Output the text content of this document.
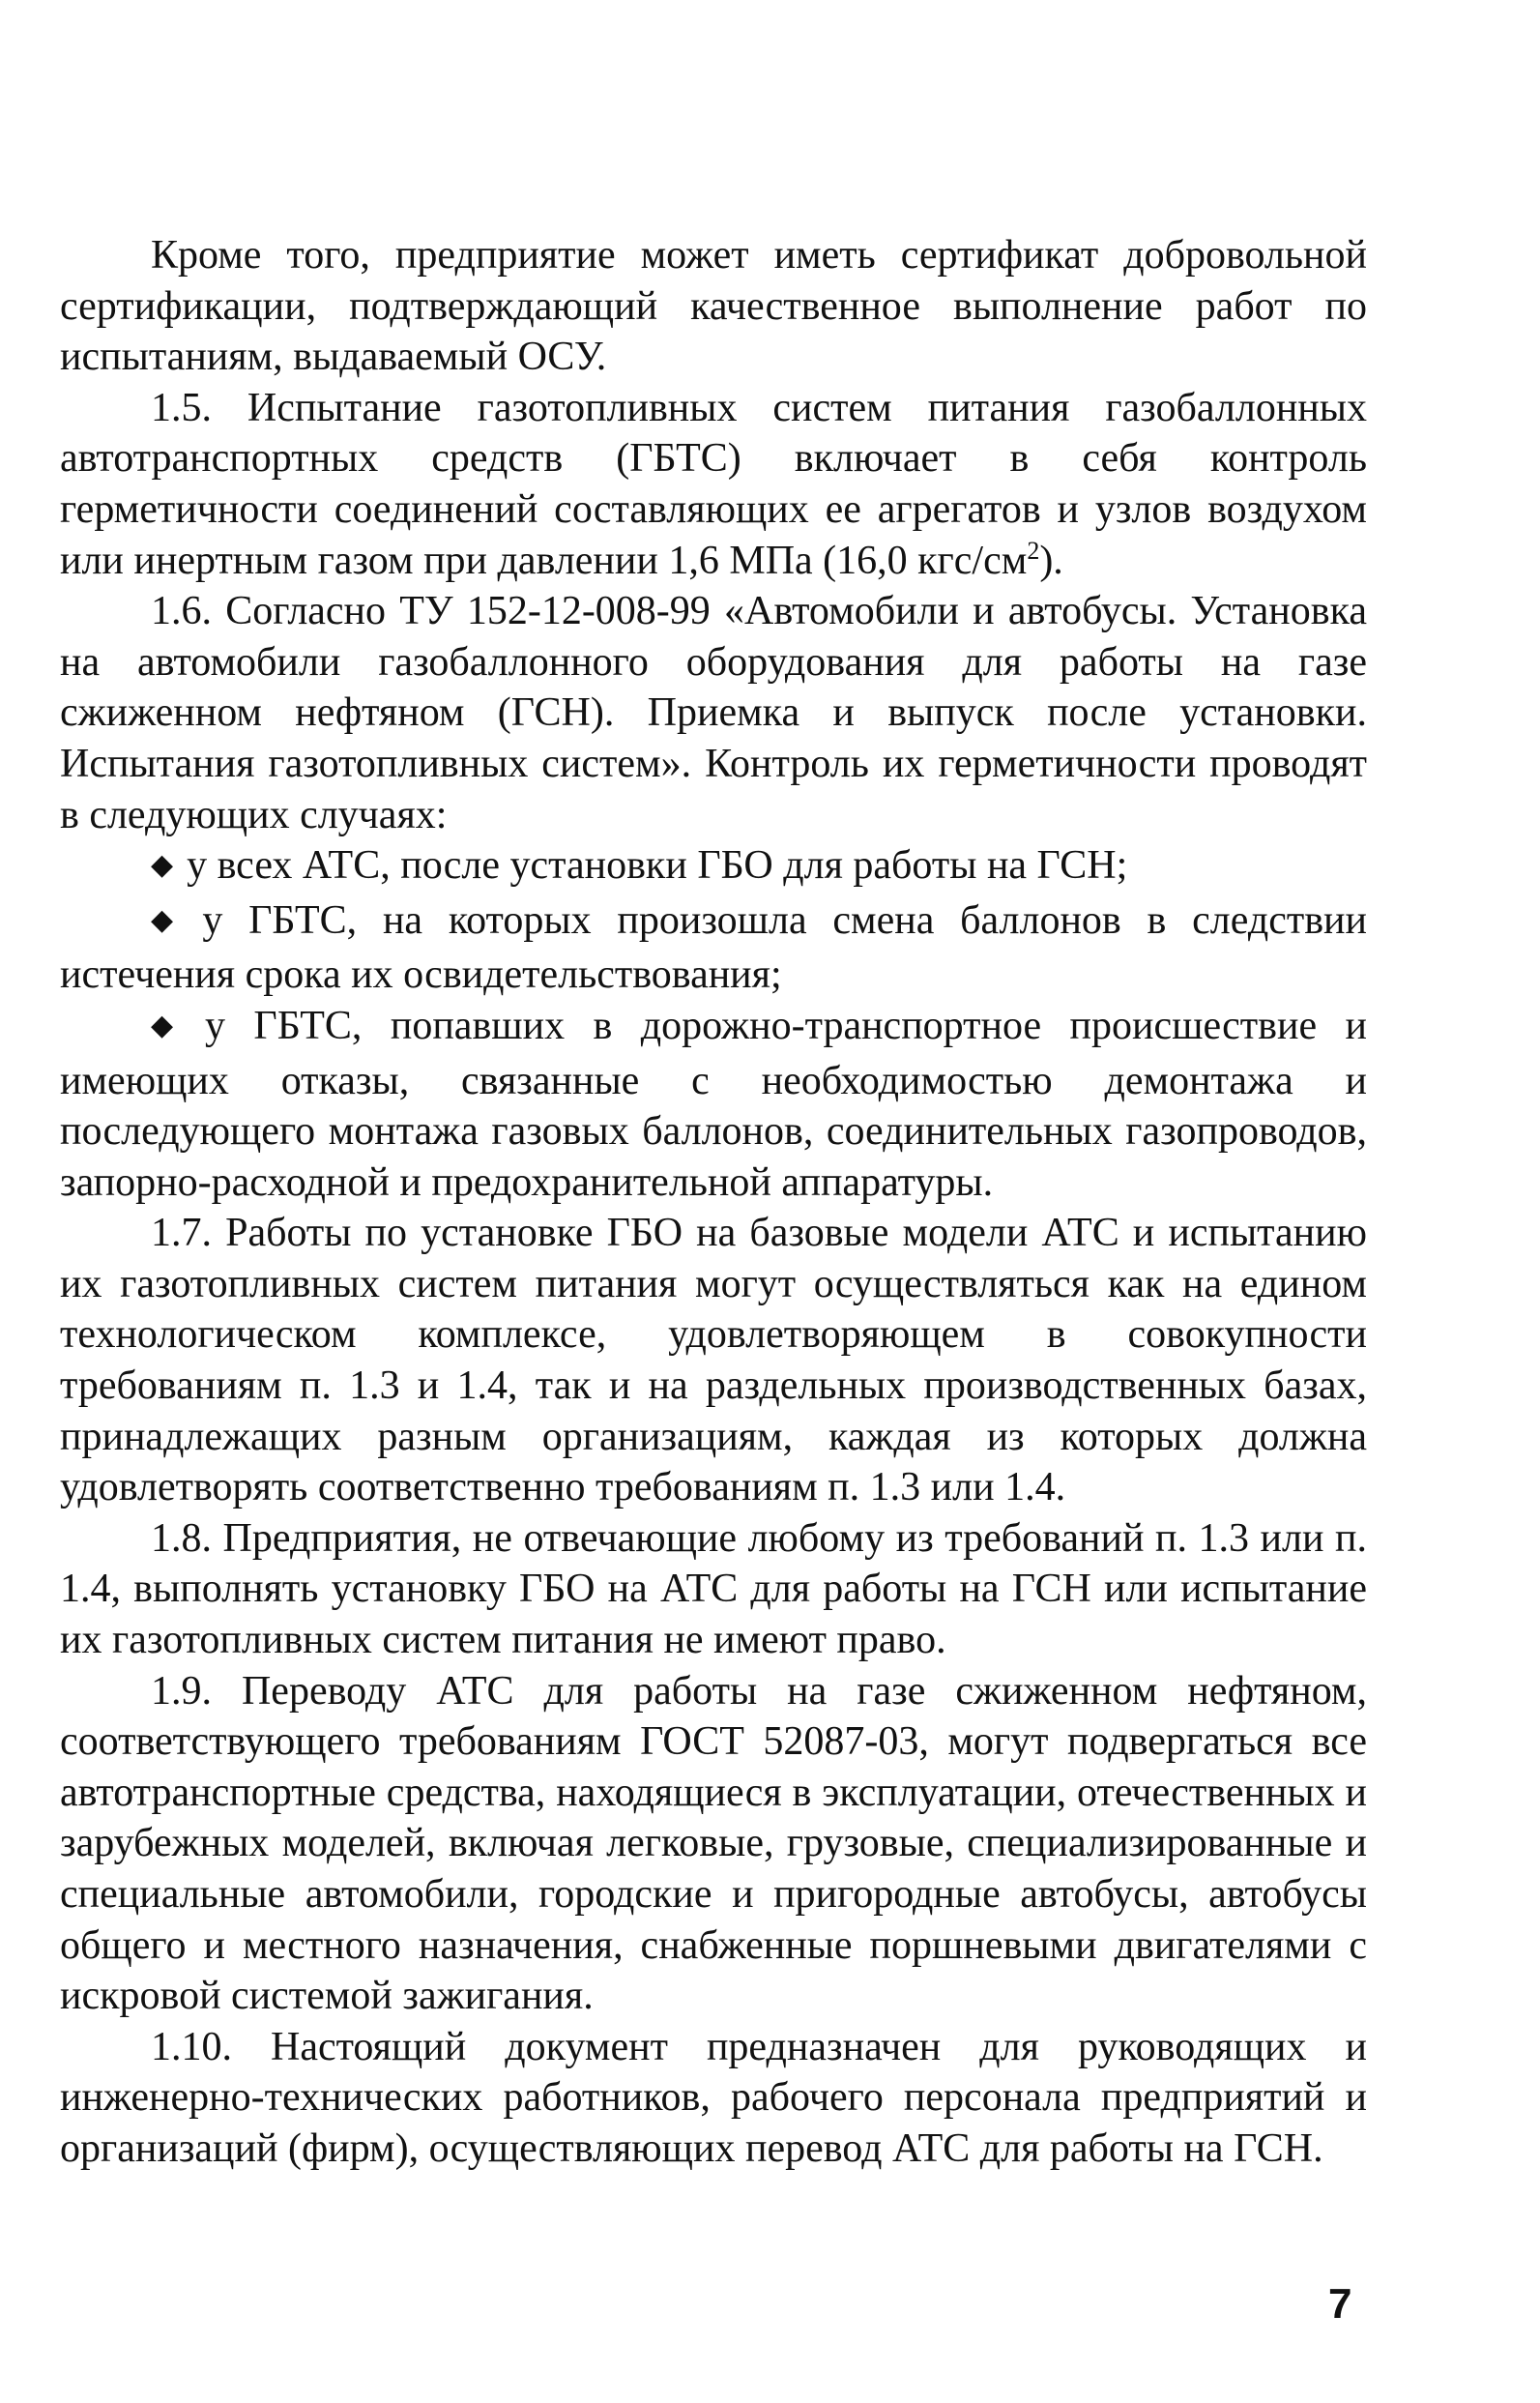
Кроме того, предприятие может иметь сертификат добровольной сертификации, подтверждающий качественное выполнение работ по испытаниям, выдаваемый ОСУ.

1.5. Испытание газотопливных систем питания газобаллонных автотранспортных средств (ГБТС) включает в себя контроль герметичности соединений составляющих ее агрегатов и узлов воздухом или инертным газом при давлении 1,6 МПа (16,0 кгс/$см^2$).

1.6. Согласно ТУ 152-12-008-99 «Автомобили и автобусы. Установка на автомобили газобаллонного оборудования для работы на газе сжиженном нефтяном (ГСН). Приемка и выпуск после установки. Испытания газотопливных систем». Контроль их герметичности проводят в следующих случаях:

◆ у всех АТС, после установки ГБО для работы на ГСН;

◆ у ГБТС, на которых произошла смена баллонов в следствии истечения срока их освидетельствования;

◆ у ГБТС, попавших в дорожно-транспортное происшествие и имеющих отказы, связанные с необходимостью демонтажа и последующего монтажа газовых баллонов, соединительных газопроводов, запорно-расходной и предохранительной аппаратуры.

1.7. Работы по установке ГБО на базовые модели АТС и испытанию их газотопливных систем питания могут осуществляться как на едином технологическом комплексе, удовлетворяющем в совокупности требованиям п. 1.3 и 1.4, так и на раздельных производственных базах, принадлежащих разным организациям, каждая из которых должна удовлетворять соответственно требованиям п. 1.3 или 1.4.

1.8. Предприятия, не отвечающие любому из требований п. 1.3 или п. 1.4, выполнять установку ГБО на АТС для работы на ГСН или испытание их газотопливных систем питания не имеют право.

1.9. Переводу АТС для работы на газе сжиженном нефтяном, соответствующего требованиям ГОСТ 52087-03, могут подвергаться все автотранспортные средства, находящиеся в эксплуатации, отечественных и зарубежных моделей, включая легковые, грузовые, специализированные и специальные автомобили, городские и пригородные автобусы, автобусы общего и местного назначения, снабженные поршневыми двигателями с искровой системой зажигания.

1.10. Настоящий документ предназначен для руководящих и инженерно-технических работников, рабочего персонала предприятий и организаций (фирм), осуществляющих перевод АТС для работы на ГСН.

7
